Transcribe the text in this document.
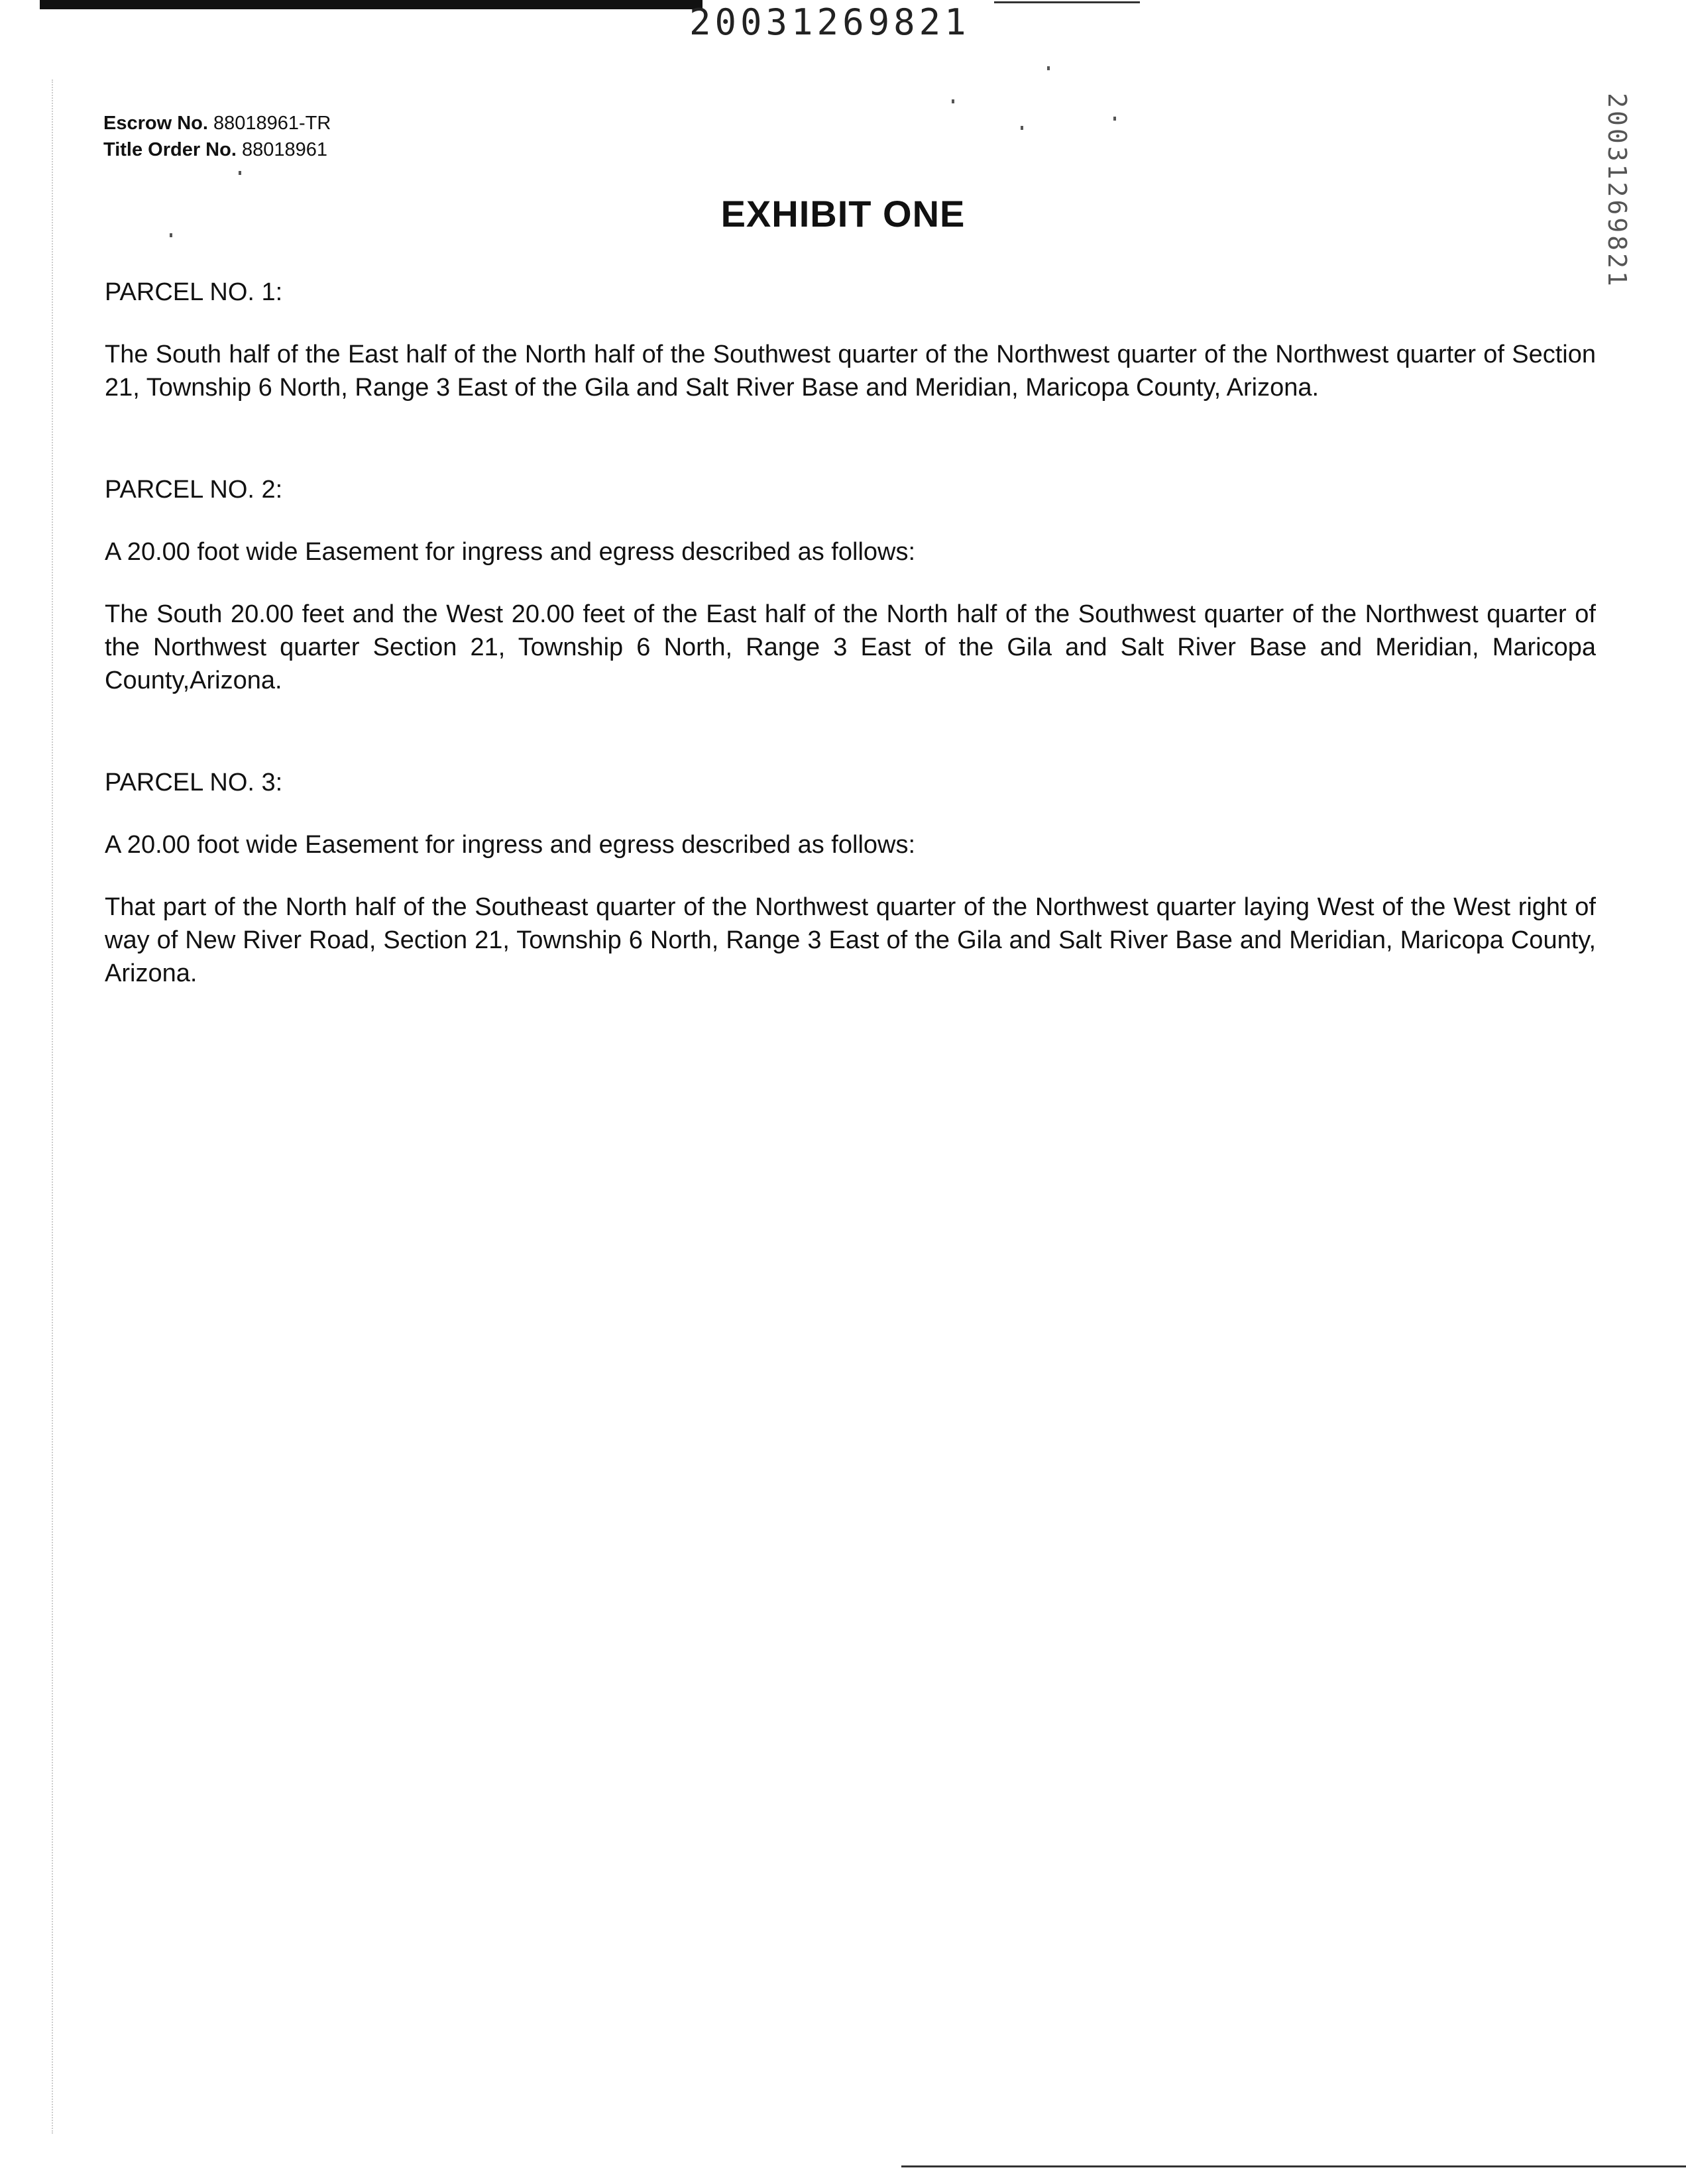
20031269821
20031269821
Escrow No. 88018961-TR
Title Order No. 88018961
EXHIBIT ONE

PARCEL NO. 1:

The South half of the East half of the North half of the Southwest quarter of the Northwest quarter of the Northwest quarter of Section 21, Township 6 North, Range 3 East of the Gila and Salt River Base and Meridian, Maricopa County, Arizona.

PARCEL NO. 2:

A 20.00 foot wide Easement for ingress and egress described as follows:

The South 20.00 feet and the West 20.00 feet of the East half of the North half of the Southwest quarter of the Northwest quarter of the Northwest quarter Section 21, Township 6 North, Range 3 East of the Gila and Salt River Base and Meridian, Maricopa County,Arizona.

PARCEL NO. 3:

A 20.00 foot wide Easement for ingress and egress described as follows:

That part of the North half of the Southeast quarter of the Northwest quarter of the Northwest quarter laying West of the West right of way of New River Road, Section 21, Township 6 North, Range 3 East of the Gila and Salt River Base and Meridian, Maricopa County, Arizona.
